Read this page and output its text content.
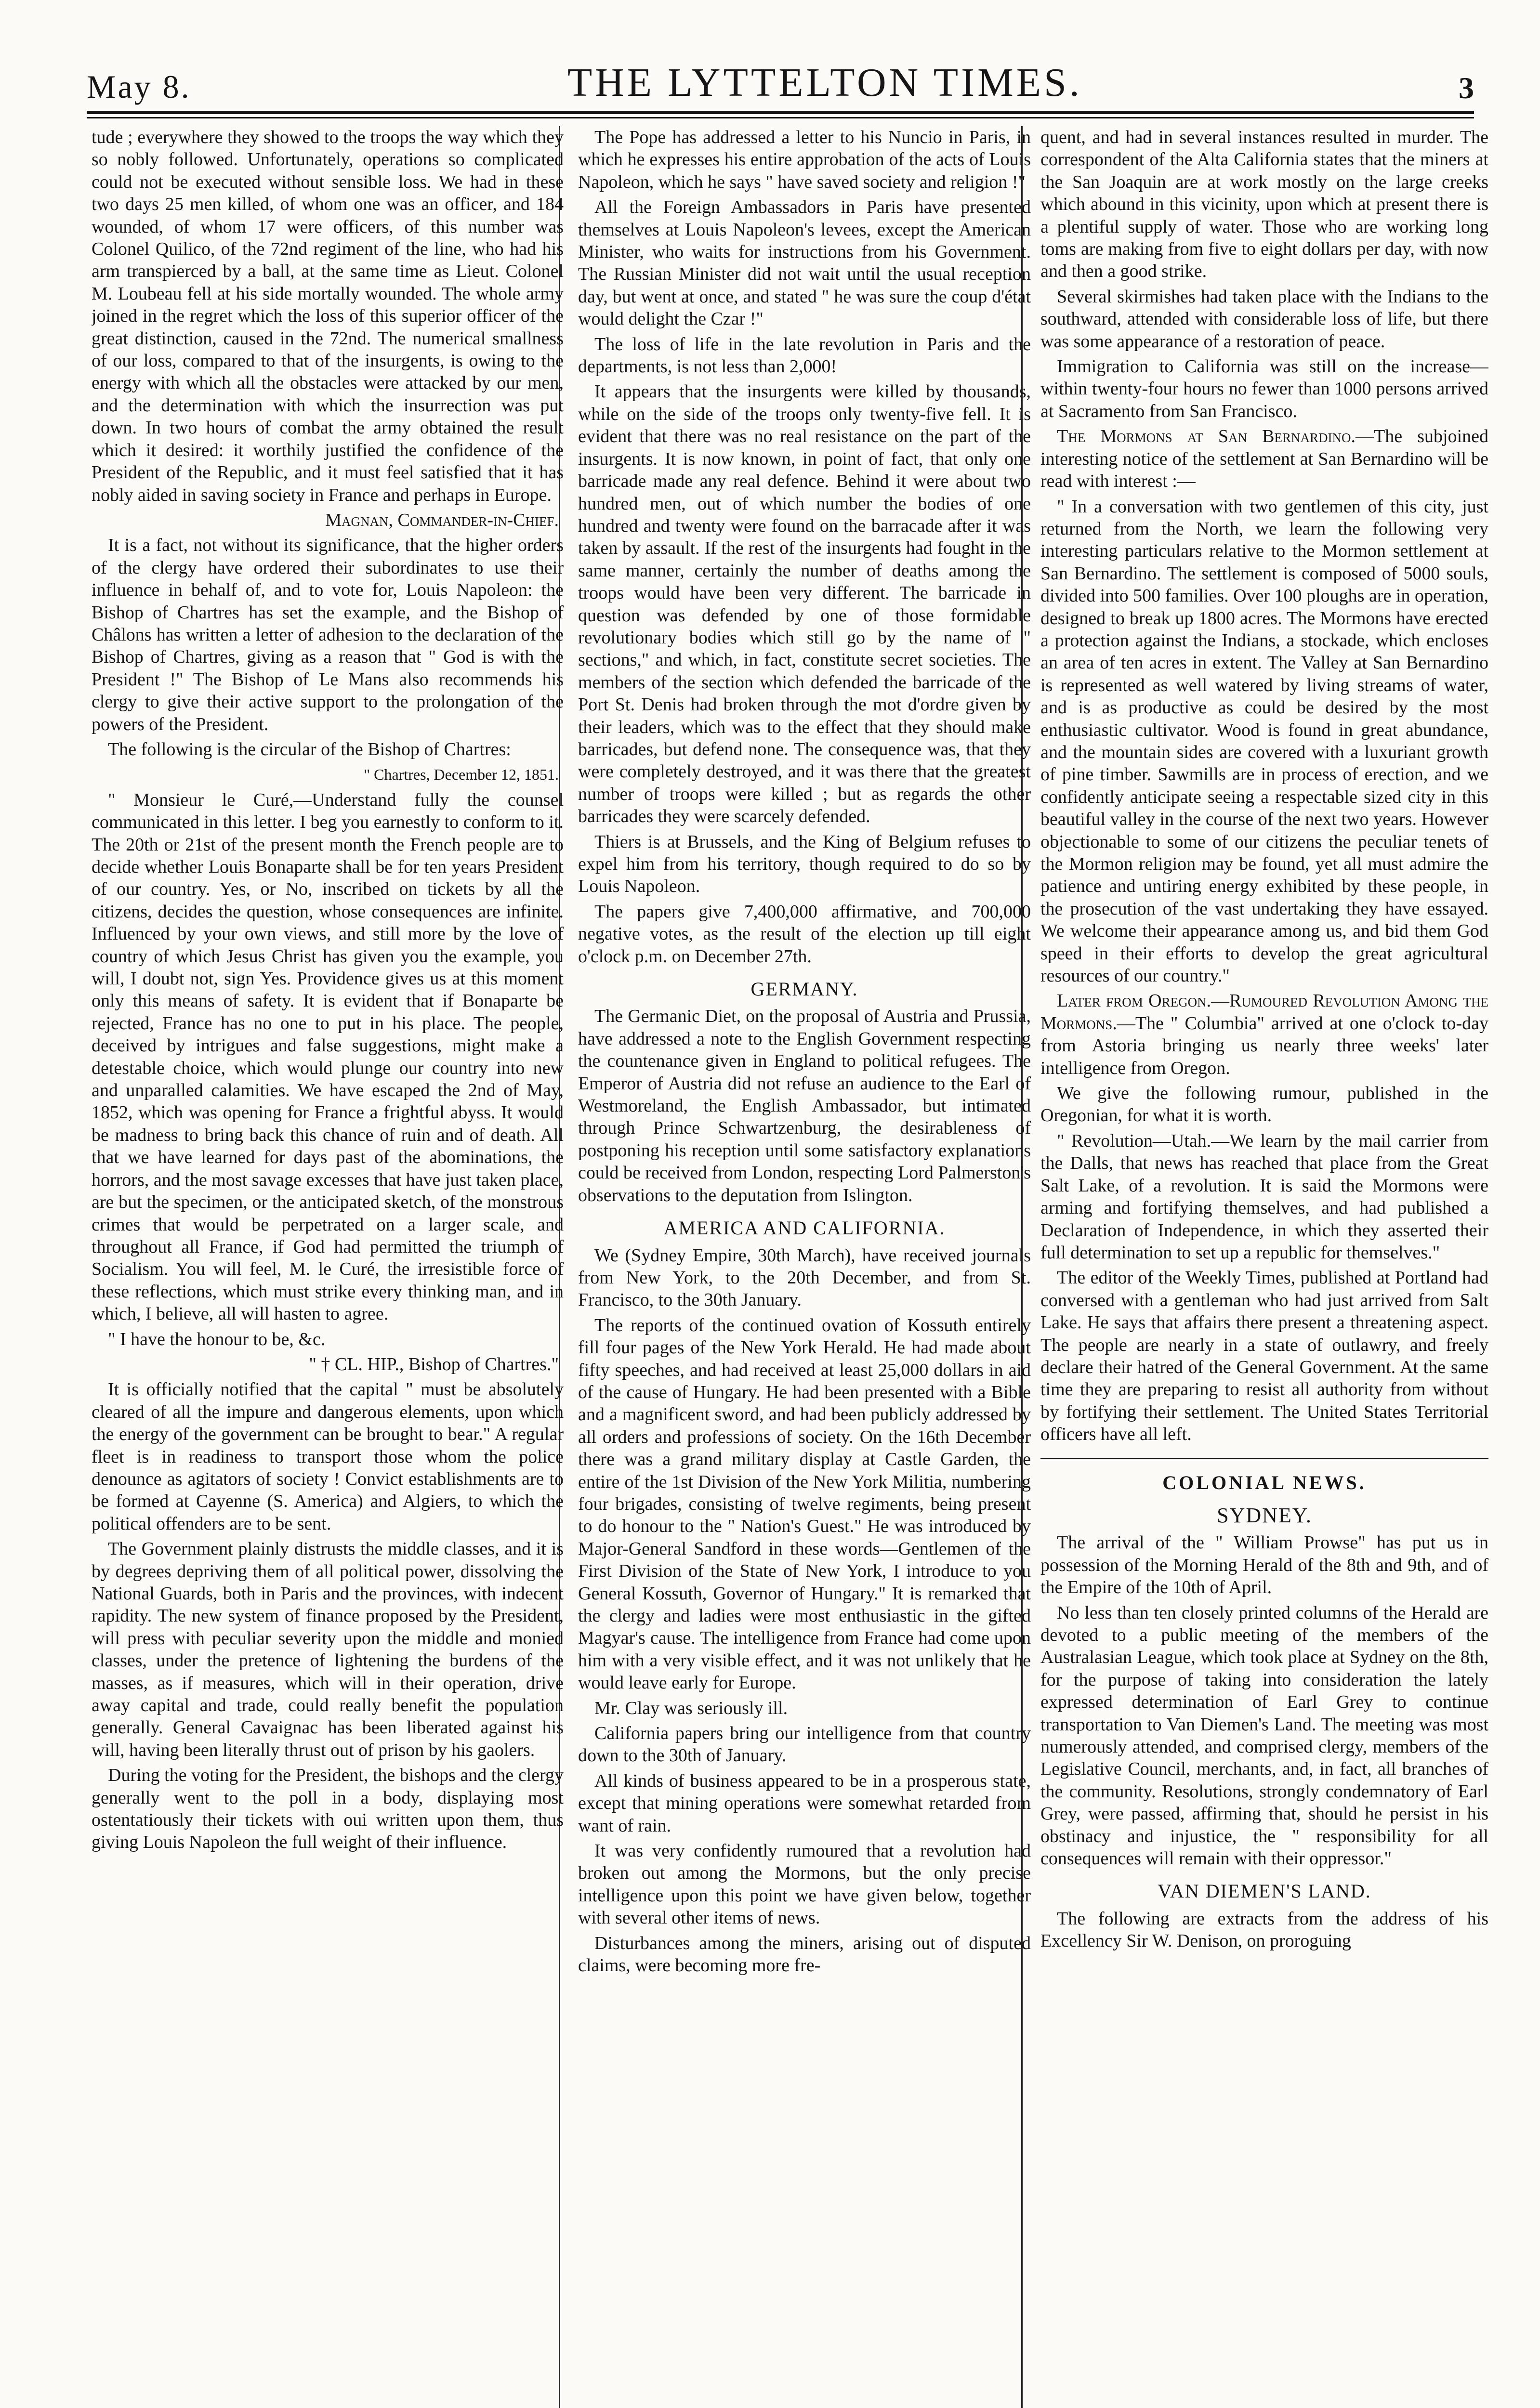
May 8.	THE LYTTELTON TIMES.	3

tude ; everywhere they showed to the troops the way which they so nobly followed. Unfortunately, operations so complicated could not be executed without sensible loss. We had in these two days 25 men killed, of whom one was an officer, and 184 wounded, of whom 17 were officers, of this number was Colonel Quilico, of the 72nd regiment of the line, who had his arm transpierced by a ball, at the same time as Lieut. Colonel M. Loubeau fell at his side mortally wounded. The whole army joined in the regret which the loss of this superior officer of the great distinction, caused in the 72nd. The numerical smallness of our loss, compared to that of the insurgents, is owing to the energy with which all the obstacles were attacked by our men, and the determination with which the insurrection was put down. In two hours of combat the army obtained the result which it desired: it worthily justified the confidence of the President of the Republic, and it must feel satisfied that it has nobly aided in saving society in France and perhaps in Europe.

Magnan, Commander-in-Chief.

It is a fact, not without its significance, that the higher orders of the clergy have ordered their subordinates to use their influence in behalf of, and to vote for, Louis Napoleon: the Bishop of Chartres has set the example, and the Bishop of Châlons has written a letter of adhesion to the declaration of the Bishop of Chartres, giving as a reason that " God is with the President !" The Bishop of Le Mans also recommends his clergy to give their active support to the prolongation of the powers of the President.

The following is the circular of the Bishop of Chartres:

" Chartres, December 12, 1851.

" Monsieur le Curé,—Understand fully the counsel communicated in this letter. I beg you earnestly to conform to it. The 20th or 21st of the present month the French people are to decide whether Louis Bonaparte shall be for ten years President of our country. Yes, or No, inscribed on tickets by all the citizens, decides the question, whose consequences are infinite. Influenced by your own views, and still more by the love of country of which Jesus Christ has given you the example, you will, I doubt not, sign Yes. Providence gives us at this moment only this means of safety. It is evident that if Bonaparte be rejected, France has no one to put in his place. The people, deceived by intrigues and false suggestions, might make a detestable choice, which would plunge our country into new and unparalled calamities. We have escaped the 2nd of May, 1852, which was opening for France a frightful abyss. It would be madness to bring back this chance of ruin and of death. All that we have learned for days past of the abominations, the horrors, and the most savage excesses that have just taken place, are but the specimen, or the anticipated sketch, of the monstrous crimes that would be perpetrated on a larger scale, and throughout all France, if God had permitted the triumph of Socialism. You will feel, M. le Curé, the irresistible force of these reflections, which must strike every thinking man, and in which, I believe, all will hasten to agree.

" I have the honour to be, &c.

" † CL. HIP., Bishop of Chartres."

It is officially notified that the capital " must be absolutely cleared of all the impure and dangerous elements, upon which the energy of the government can be brought to bear." A regular fleet is in readiness to transport those whom the police denounce as agitators of society ! Convict establishments are to be formed at Cayenne (S. America) and Algiers, to which the political offenders are to be sent.

The Government plainly distrusts the middle classes, and it is by degrees depriving them of all political power, dissolving the National Guards, both in Paris and the provinces, with indecent rapidity. The new system of finance proposed by the President, will press with peculiar severity upon the middle and monied classes, under the pretence of lightening the burdens of the masses, as if measures, which will in their operation, drive away capital and trade, could really benefit the population generally. General Cavaignac has been liberated against his will, having been literally thrust out of prison by his gaolers.

During the voting for the President, the bishops and the clergy generally went to the poll in a body, displaying most ostentatiously their tickets with oui written upon them, thus giving Louis Napoleon the full weight of their influence.

The Pope has addressed a letter to his Nuncio in Paris, in which he expresses his entire approbation of the acts of Louis Napoleon, which he says " have saved society and religion !"

All the Foreign Ambassadors in Paris have presented themselves at Louis Napoleon's levees, except the American Minister, who waits for instructions from his Government. The Russian Minister did not wait until the usual reception day, but went at once, and stated " he was sure the coup d'état would delight the Czar !"

The loss of life in the late revolution in Paris and the departments, is not less than 2,000!

It appears that the insurgents were killed by thousands, while on the side of the troops only twenty-five fell. It is evident that there was no real resistance on the part of the insurgents. It is now known, in point of fact, that only one barricade made any real defence. Behind it were about two hundred men, out of which number the bodies of one hundred and twenty were found on the barracade after it was taken by assault. If the rest of the insurgents had fought in the same manner, certainly the number of deaths among the troops would have been very different. The barricade in question was defended by one of those formidable revolutionary bodies which still go by the name of " sections," and which, in fact, constitute secret societies. The members of the section which defended the barricade of the Port St. Denis had broken through the mot d'ordre given by their leaders, which was to the effect that they should make barricades, but defend none. The consequence was, that they were completely destroyed, and it was there that the greatest number of troops were killed ; but as regards the other barricades they were scarcely defended.

Thiers is at Brussels, and the King of Belgium refuses to expel him from his territory, though required to do so by Louis Napoleon.

The papers give 7,400,000 affirmative, and 700,000 negative votes, as the result of the election up till eight o'clock p.m. on December 27th.

GERMANY.

The Germanic Diet, on the proposal of Austria and Prussia, have addressed a note to the English Government respecting the countenance given in England to political refugees. The Emperor of Austria did not refuse an audience to the Earl of Westmoreland, the English Ambassador, but intimated through Prince Schwartzenburg, the desirableness of postponing his reception until some satisfactory explanations could be received from London, respecting Lord Palmerston's observations to the deputation from Islington.

AMERICA AND CALIFORNIA.

We (Sydney Empire, 30th March), have received journals from New York, to the 20th December, and from St. Francisco, to the 30th January.

The reports of the continued ovation of Kossuth entirely fill four pages of the New York Herald. He had made about fifty speeches, and had received at least 25,000 dollars in aid of the cause of Hungary. He had been presented with a Bible and a magnificent sword, and had been publicly addressed by all orders and professions of society. On the 16th December there was a grand military display at Castle Garden, the entire of the 1st Division of the New York Militia, numbering four brigades, consisting of twelve regiments, being present to do honour to the " Nation's Guest." He was introduced by Major-General Sandford in these words—Gentlemen of the First Division of the State of New York, I introduce to you General Kossuth, Governor of Hungary." It is remarked that the clergy and ladies were most enthusiastic in the gifted Magyar's cause. The intelligence from France had come upon him with a very visible effect, and it was not unlikely that he would leave early for Europe.

Mr. Clay was seriously ill.

California papers bring our intelligence from that country down to the 30th of January.

All kinds of business appeared to be in a prosperous state, except that mining operations were somewhat retarded from want of rain.

It was very confidently rumoured that a revolution had broken out among the Mormons, but the only precise intelligence upon this point we have given below, together with several other items of news.

Disturbances among the miners, arising out of disputed claims, were becoming more fre-

quent, and had in several instances resulted in murder. The correspondent of the Alta California states that the miners at the San Joaquin are at work mostly on the large creeks which abound in this vicinity, upon which at present there is a plentiful supply of water. Those who are working long toms are making from five to eight dollars per day, with now and then a good strike.

Several skirmishes had taken place with the Indians to the southward, attended with considerable loss of life, but there was some appearance of a restoration of peace.

Immigration to California was still on the increase—within twenty-four hours no fewer than 1000 persons arrived at Sacramento from San Francisco.

The Mormons at San Bernardino.—The subjoined interesting notice of the settlement at San Bernardino will be read with interest :—

" In a conversation with two gentlemen of this city, just returned from the North, we learn the following very interesting particulars relative to the Mormon settlement at San Bernardino. The settlement is composed of 5000 souls, divided into 500 families. Over 100 ploughs are in operation, designed to break up 1800 acres. The Mormons have erected a protection against the Indians, a stockade, which encloses an area of ten acres in extent. The Valley at San Bernardino is represented as well watered by living streams of water, and is as productive as could be desired by the most enthusiastic cultivator. Wood is found in great abundance, and the mountain sides are covered with a luxuriant growth of pine timber. Sawmills are in process of erection, and we confidently anticipate seeing a respectable sized city in this beautiful valley in the course of the next two years. However objectionable to some of our citizens the peculiar tenets of the Mormon religion may be found, yet all must admire the patience and untiring energy exhibited by these people, in the prosecution of the vast undertaking they have essayed. We welcome their appearance among us, and bid them God speed in their efforts to develop the great agricultural resources of our country."

Later from Oregon.—Rumoured Revolution Among the Mormons.—The " Columbia" arrived at one o'clock to-day from Astoria bringing us nearly three weeks' later intelligence from Oregon.

We give the following rumour, published in the Oregonian, for what it is worth.

" Revolution—Utah.—We learn by the mail carrier from the Dalls, that news has reached that place from the Great Salt Lake, of a revolution. It is said the Mormons were arming and fortifying themselves, and had published a Declaration of Independence, in which they asserted their full determination to set up a republic for themselves."

The editor of the Weekly Times, published at Portland had conversed with a gentleman who had just arrived from Salt Lake. He says that affairs there present a threatening aspect. The people are nearly in a state of outlawry, and freely declare their hatred of the General Government. At the same time they are preparing to resist all authority from without by fortifying their settlement. The United States Territorial officers have all left.

COLONIAL NEWS.
SYDNEY.

The arrival of the " William Prowse" has put us in possession of the Morning Herald of the 8th and 9th, and of the Empire of the 10th of April.

No less than ten closely printed columns of the Herald are devoted to a public meeting of the members of the Australasian League, which took place at Sydney on the 8th, for the purpose of taking into consideration the lately expressed determination of Earl Grey to continue transportation to Van Diemen's Land. The meeting was most numerously attended, and comprised clergy, members of the Legislative Council, merchants, and, in fact, all branches of the community. Resolutions, strongly condemnatory of Earl Grey, were passed, affirming that, should he persist in his obstinacy and injustice, the " responsibility for all consequences will remain with their oppressor."

VAN DIEMEN'S LAND.

The following are extracts from the address of his Excellency Sir W. Denison, on proroguing
